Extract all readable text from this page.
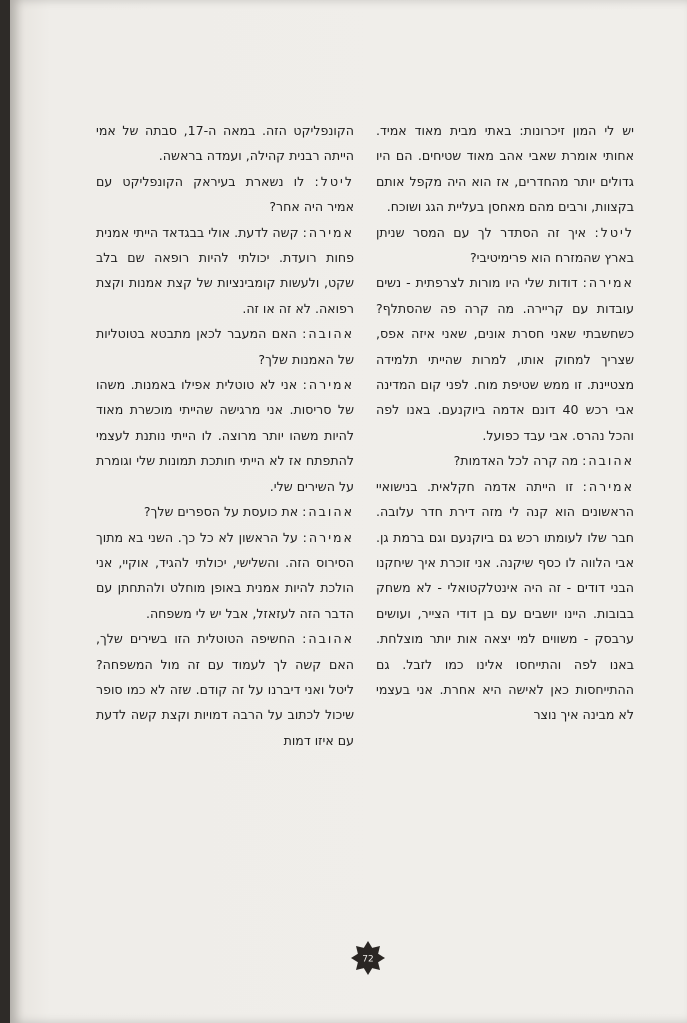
יש לי המון זיכרונות: באתי מבית מאוד אמיד. אחותי אומרת שאבי אהב מאוד שטיחים. הם היו גדולים יותר מהחדרים, אז הוא היה מקפל אותם בקצוות, ורבים מהם מאחסן בעליית הגג ושוכח.

ליטל: איך זה הסתדר לך עם המסר שניתן בארץ שהמזרח הוא פרימיטיבי?

אמירה: דודות שלי היו מורות לצרפתית - נשים עובדות עם קריירה. מה קרה פה שהסתלף? כשחשבתי שאני חסרת אונים, שאני איזה אפס, שצריך למחוק אותו, למרות שהייתי תלמידה מצטיינת. זו ממש שטיפת מוח. לפני קום המדינה אבי רכש 40 דונם אדמה ביוקנעם. באנו לפה והכל נהרס. אבי עבד כפועל.

אהובה: מה קרה לכל האדמות?

אמירה: זו הייתה אדמה חקלאית. בנישואיי הראשונים הוא קנה לי מזה דירת חדר עלובה. חבר שלו לעומתו רכש גם ביוקנעם וגם ברמת גן. אבי הלווה לו כסף שיקנה. אני זוכרת איך שיחקנו הבני דודים - זה היה אינטלקטואלי - לא משחק בבובות. היינו יושבים עם בן דודי הצייר, ועושים ערבסק - משווים למי יצאה אות יותר מוצלחת. באנו לפה והתייחסו אלינו כמו לזבל. גם ההתייחסות כאן לאישה היא אחרת. אני בעצמי לא מבינה איך נוצר

הקונפליקט הזה. במאה ה-17, סבתה של אמי הייתה רבנית קהילה, ועמדה בראשה.

ליטל: לו נשארת בעיראק הקונפליקט עם אמיר היה אחר?

אמירה: קשה לדעת. אולי בבגדאד הייתי אמנית פחות רועדת. יכולתי להיות רופאה שם בלב שקט, ולעשות קומבינציות של קצת אמנות וקצת רפואה. לא זה או זה.

אהובה: האם המעבר לכאן מתבטא בטוטליות של האמנות שלך?

אמירה: אני לא טוטלית אפילו באמנות. משהו של סריסות. אני מרגישה שהייתי מוכשרת מאוד להיות משהו יותר מרוצה. לו הייתי נותנת לעצמי להתפתח אז לא הייתי חותכת תמונות שלי וגומרת על השירים שלי.

אהובה: את כועסת על הספרים שלך?

אמירה: על הראשון לא כל כך. השני בא מתוך הסירוס הזה. והשלישי, יכולתי להגיד, אוקיי, אני הולכת להיות אמנית באופן מוחלט ולהתחתן עם הדבר הזה לעזאזל, אבל יש לי משפחה.

אהובה: החשיפה הטוטלית הזו בשירים שלך, האם קשה לך לעמוד עם זה מול המשפחה? ליטל ואני דיברנו על זה קודם. שזה לא כמו סופר שיכול לכתוב על הרבה דמויות וקצת קשה לדעת עם איזו דמות

72
